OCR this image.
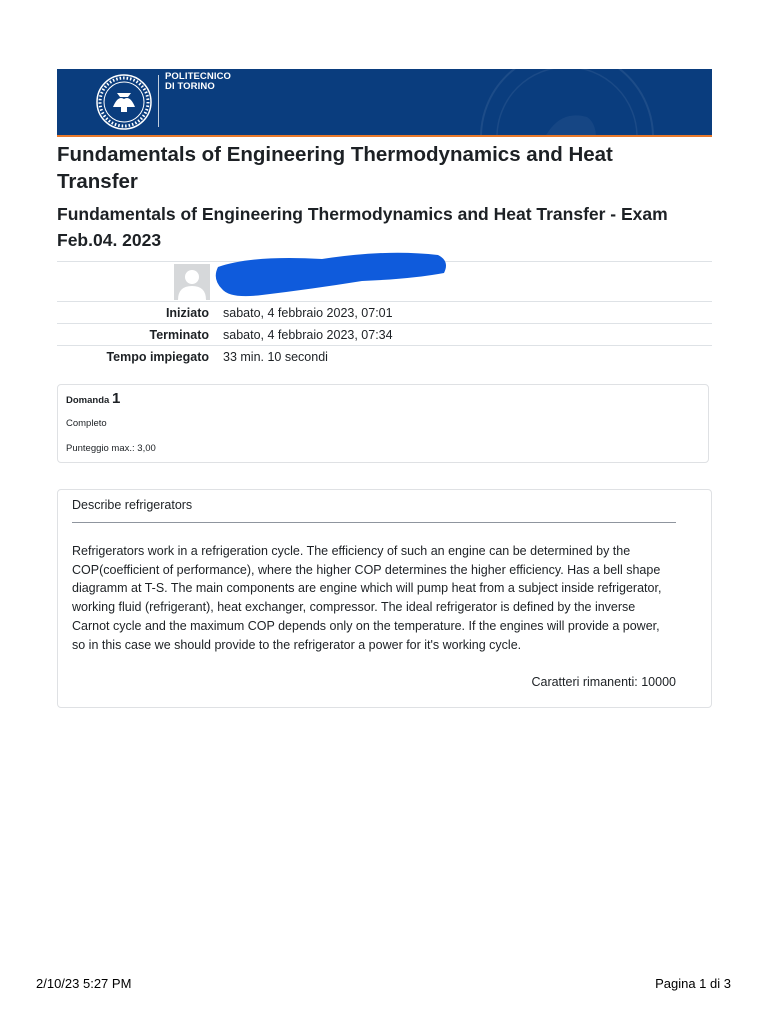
POLITECNICO
DI TORINO
Fundamentals of Engineering Thermodynamics and Heat Transfer
Fundamentals of Engineering Thermodynamics and Heat Transfer - Exam Feb.04. 2023
Iniziato	sabato, 4 febbraio 2023, 07:01
Terminato	sabato, 4 febbraio 2023, 07:34
Tempo impiegato	33 min. 10 secondi
Domanda 1
Completo
Punteggio max.: 3,00
Describe refrigerators

Refrigerators work in a refrigeration cycle. The efficiency of such an engine can be determined by the COP(coefficient of performance), where the higher COP determines the higher efficiency. Has a bell shape diagramm at T-S. The main components are engine which will pump heat from a subject inside refrigerator, working fluid (refrigerant), heat exchanger, compressor. The ideal refrigerator is defined by the inverse Carnot cycle and the maximum COP depends only on the temperature. If the engines will provide a power, so in this case we should provide to the refrigerator a power for it's working cycle.

Caratteri rimanenti: 10000
2/10/23 5:27 PM	Pagina 1 di 3
